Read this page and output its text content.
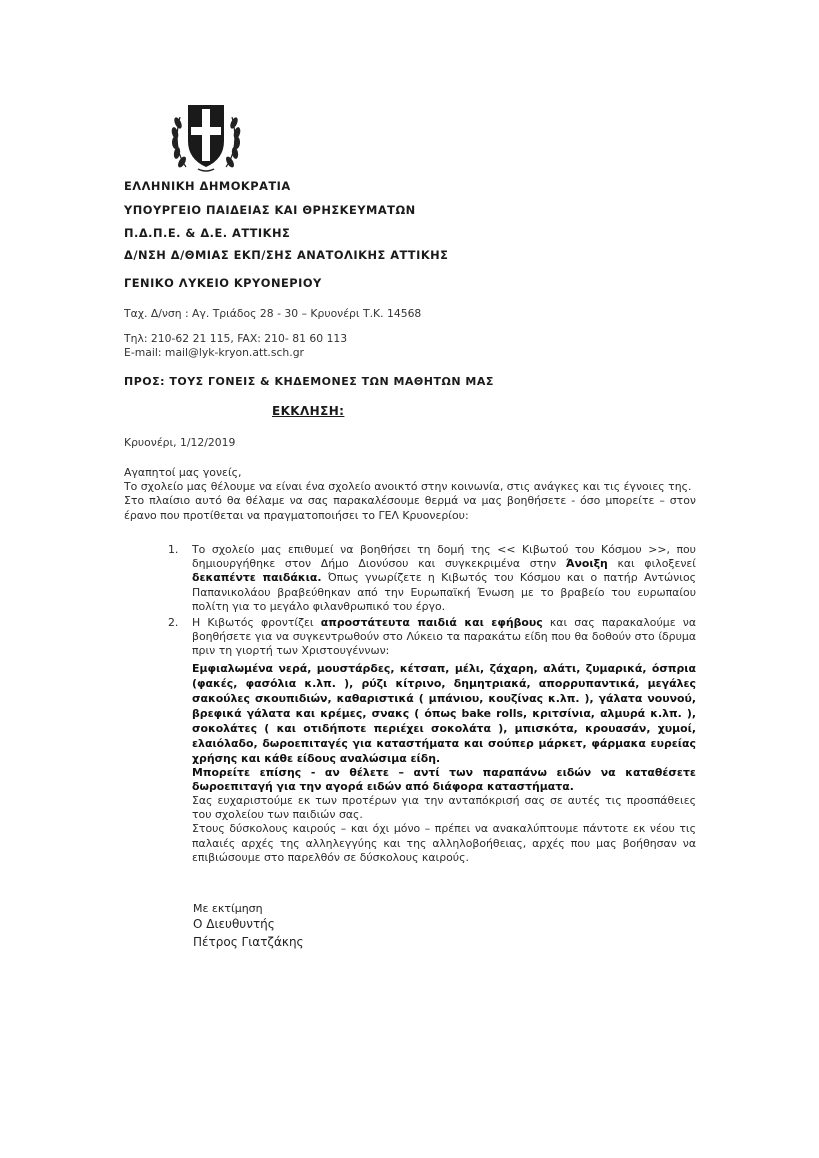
ΕΛΛΗΝΙΚΗ ΔΗΜΟΚΡΑΤΙΑ
ΥΠΟΥΡΓΕΙΟ ΠΑΙΔΕΙΑΣ ΚΑΙ ΘΡΗΣΚΕΥΜΑΤΩΝ
Π.Δ.Π.Ε. & Δ.Ε. ΑΤΤΙΚΗΣ
Δ/ΝΣΗ Δ/ΘΜΙΑΣ ΕΚΠ/ΣΗΣ ΑΝΑΤΟΛΙΚΗΣ ΑΤΤΙΚΗΣ
ΓΕΝΙΚΟ ΛΥΚΕΙΟ ΚΡΥΟΝΕΡΙΟΥ
Ταχ. Δ/νση : Αγ. Τριάδος 28 - 30 – Κρυονέρι Τ.Κ. 14568
Τηλ: 210-62 21 115, FAX: 210- 81 60 113
E-mail: mail@lyk-kryon.att.sch.gr
ΠΡΟΣ: ΤΟΥΣ ΓΟΝΕΙΣ & ΚΗΔΕΜΟΝΕΣ ΤΩΝ ΜΑΘΗΤΩΝ ΜΑΣ
ΕΚΚΛΗΣΗ:
Κρυονέρι, 1/12/2019

Αγαπητοί μας γονείς,

Το σχολείο μας θέλουμε να είναι ένα σχολείο ανοικτό στην κοινωνία, στις ανάγκες και τις έγνοιες της.

Στο πλαίσιο αυτό θα θέλαμε να σας παρακαλέσουμε θερμά να μας βοηθήσετε - όσο μπορείτε – στον έρανο που προτίθεται να πραγματοποιήσει το ΓΕΛ Κρυονερίου:

1. Το σχολείο μας επιθυμεί να βοηθήσει τη δομή της << Κιβωτού του Κόσμου >>, που δημιουργήθηκε στον Δήμο Διονύσου και συγκεκριμένα στην Άνοιξη και φιλοξενεί δεκαπέντε παιδάκια. Όπως γνωρίζετε η Κιβωτός του Κόσμου και ο πατήρ Αντώνιος Παπανικολάου βραβεύθηκαν από την Ευρωπαϊκή Ένωση με το βραβείο του ευρωπαίου πολίτη για το μεγάλο φιλανθρωπικό του έργο.

2. Η Κιβωτός φροντίζει απροστάτευτα παιδιά και εφήβους και σας παρακαλούμε να βοηθήσετε για να συγκεντρωθούν στο Λύκειο τα παρακάτω είδη που θα δοθούν στο ίδρυμα πριν τη γιορτή των Χριστουγέννων:

Εμφιαλωμένα νερά, μουστάρδες, κέτσαπ, μέλι, ζάχαρη, αλάτι, ζυμαρικά, όσπρια (φακές, φασόλια κ.λπ. ), ρύζι κίτρινο, δημητριακά, απορρυπαντικά, μεγάλες σακούλες σκουπιδιών, καθαριστικά ( μπάνιου, κουζίνας κ.λπ. ), γάλατα νουνού, βρεφικά γάλατα και κρέμες, σνακς ( όπως bake rolls, κριτσίνια, αλμυρά κ.λπ. ), σοκολάτες ( και οτιδήποτε περιέχει σοκολάτα ), μπισκότα, κρουασάν, χυμοί, ελαιόλαδο, δωροεπιταγές για καταστήματα και σούπερ μάρκετ, φάρμακα ευρείας χρήσης και κάθε είδους αναλώσιμα είδη.

Μπορείτε επίσης - αν θέλετε – αντί των παραπάνω ειδών να καταθέσετε δωροεπιταγή για την αγορά ειδών από διάφορα καταστήματα.

Σας ευχαριστούμε εκ των προτέρων για την ανταπόκρισή σας σε αυτές τις προσπάθειες του σχολείου των παιδιών σας.

Στους δύσκολους καιρούς – και όχι μόνο – πρέπει να ανακαλύπτουμε πάντοτε εκ νέου τις παλαιές αρχές της αλληλεγγύης και της αλληλοβοήθειας, αρχές που μας βοήθησαν να επιβιώσουμε στο παρελθόν σε δύσκολους καιρούς.

Με εκτίμηση
Ο Διευθυντής
Πέτρος Γιατζάκης
